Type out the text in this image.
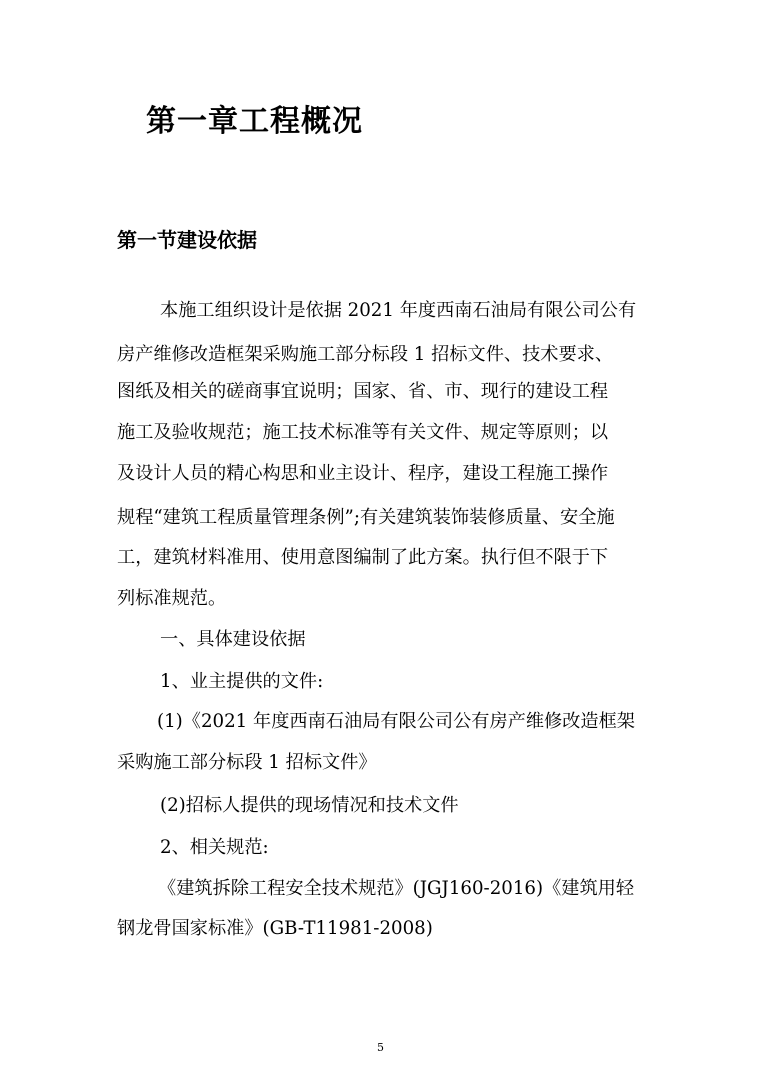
第一章工程概况
第一节建设依据

本施工组织设计是依据 2021 年度西南石油局有限公司公有

房产维修改造框架采购施工部分标段 1 招标文件、技术要求、

图纸及相关的磋商事宜说明；国家、省、市、现行的建设工程

施工及验收规范；施工技术标准等有关文件、规定等原则；以

及设计人员的精心构思和业主设计、程序，建设工程施工操作

规程“建筑工程质量管理条例”;有关建筑装饰装修质量、安全施

工，建筑材料准用、使用意图编制了此方案。执行但不限于下

列标准规范。

一、具体建设依据

1、业主提供的文件:

(1)《2021 年度西南石油局有限公司公有房产维修改造框架

采购施工部分标段 1 招标文件》

(2)招标人提供的现场情况和技术文件

2、相关规范:

《建筑拆除工程安全技术规范》(JGJ160-2016)《建筑用轻

钢龙骨国家标准》(GB-T11981-2008)

5
